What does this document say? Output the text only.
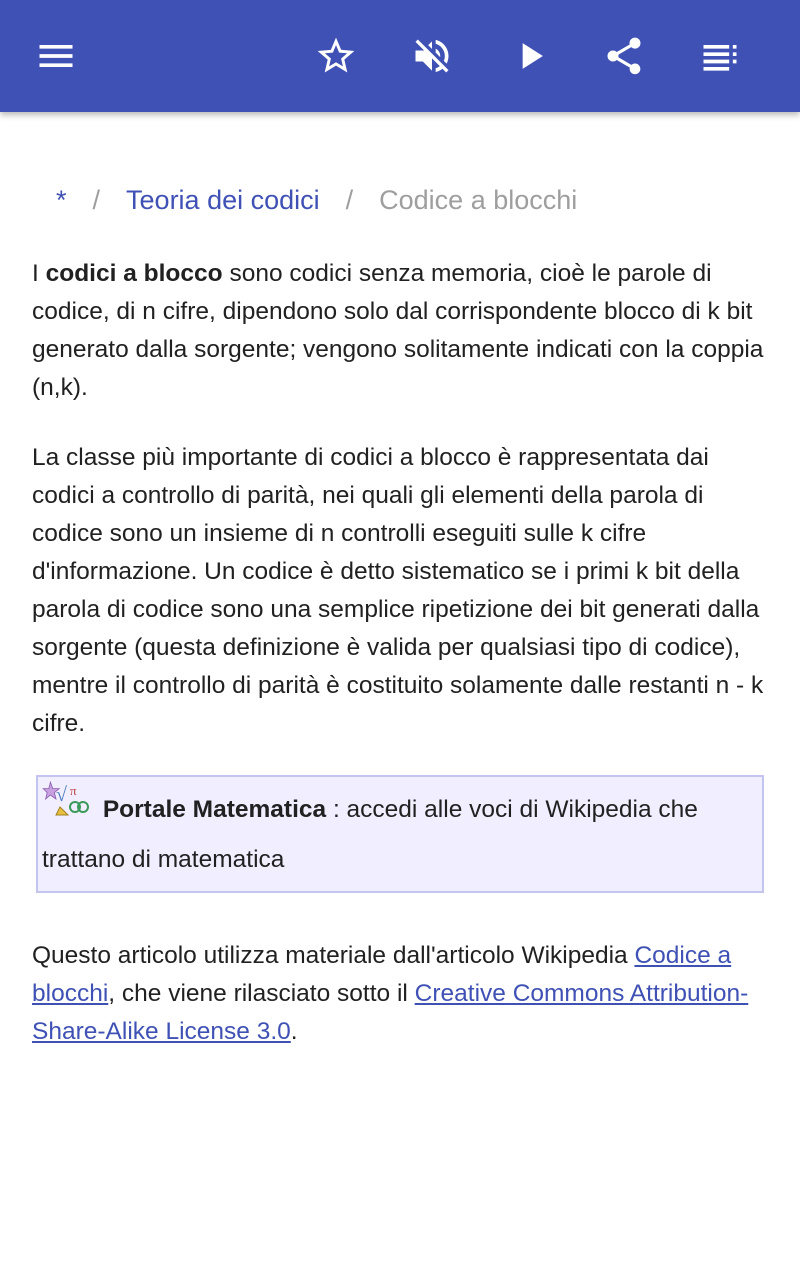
* / Teoria dei codici / Codice a blocchi

I codici a blocco sono codici senza memoria, cioè le parole di codice, di n cifre, dipendono solo dal corrispondente blocco di k bit generato dalla sorgente; vengono solitamente indicati con la coppia (n,k).

La classe più importante di codici a blocco è rappresentata dai codici a controllo di parità, nei quali gli elementi della parola di codice sono un insieme di n controlli eseguiti sulle k cifre d'informazione. Un codice è detto sistematico se i primi k bit della parola di codice sono una semplice ripetizione dei bit generati dalla sorgente (questa definizione è valida per qualsiasi tipo di codice), mentre il controllo di parità è costituito solamente dalle restanti n - k cifre.

√ π
Portale Matematica : accedi alle voci di Wikipedia che trattano di matematica

Questo articolo utilizza materiale dall'articolo Wikipedia Codice a blocchi, che viene rilasciato sotto il Creative Commons Attribution-Share-Alike License 3.0.
